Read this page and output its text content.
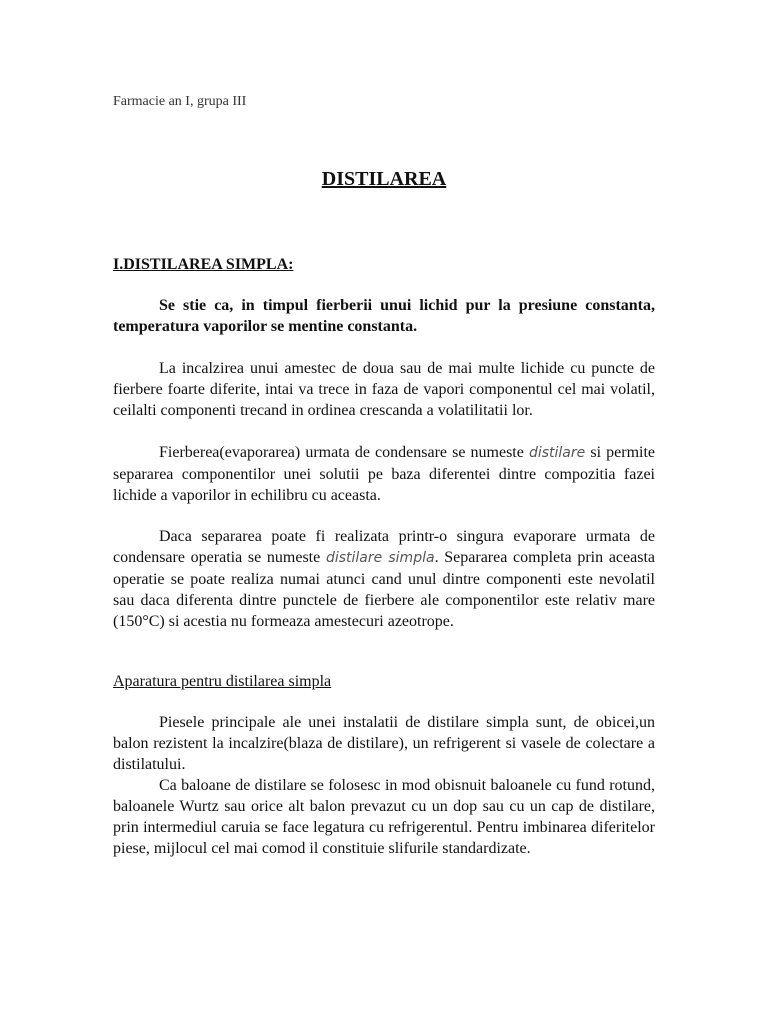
Farmacie an I, grupa III
DISTILAREA
I.DISTILAREA SIMPLA:

Se stie ca, in timpul fierberii unui lichid pur la presiune constanta, temperatura vaporilor se mentine constanta.

La incalzirea unui amestec de doua sau de mai multe lichide cu puncte de fierbere foarte diferite, intai va trece in faza de vapori componentul cel mai volatil, ceilalti componenti trecand in ordinea crescanda a volatilitatii lor.

Fierberea(evaporarea) urmata de condensare se numeste distilare si permite separarea componentilor unei solutii pe baza diferentei dintre compozitia fazei lichide a vaporilor in echilibru cu aceasta.

Daca separarea poate fi realizata printr-o singura evaporare urmata de condensare operatia se numeste distilare simpla. Separarea completa prin aceasta operatie se poate realiza numai atunci cand unul dintre componenti este nevolatil sau daca diferenta dintre punctele de fierbere ale componentilor este relativ mare (150°C) si acestia nu formeaza amestecuri azeotrope.

Aparatura pentru distilarea simpla

Piesele principale ale unei instalatii de distilare simpla sunt, de obicei,un balon rezistent la incalzire(blaza de distilare), un refrigerent si vasele de colectare a distilatului.

Ca baloane de distilare se folosesc in mod obisnuit baloanele cu fund rotund, baloanele Wurtz sau orice alt balon prevazut cu un dop sau cu un cap de distilare, prin intermediul caruia se face legatura cu refrigerentul. Pentru imbinarea diferitelor piese, mijlocul cel mai comod il constituie slifurile standardizate.
